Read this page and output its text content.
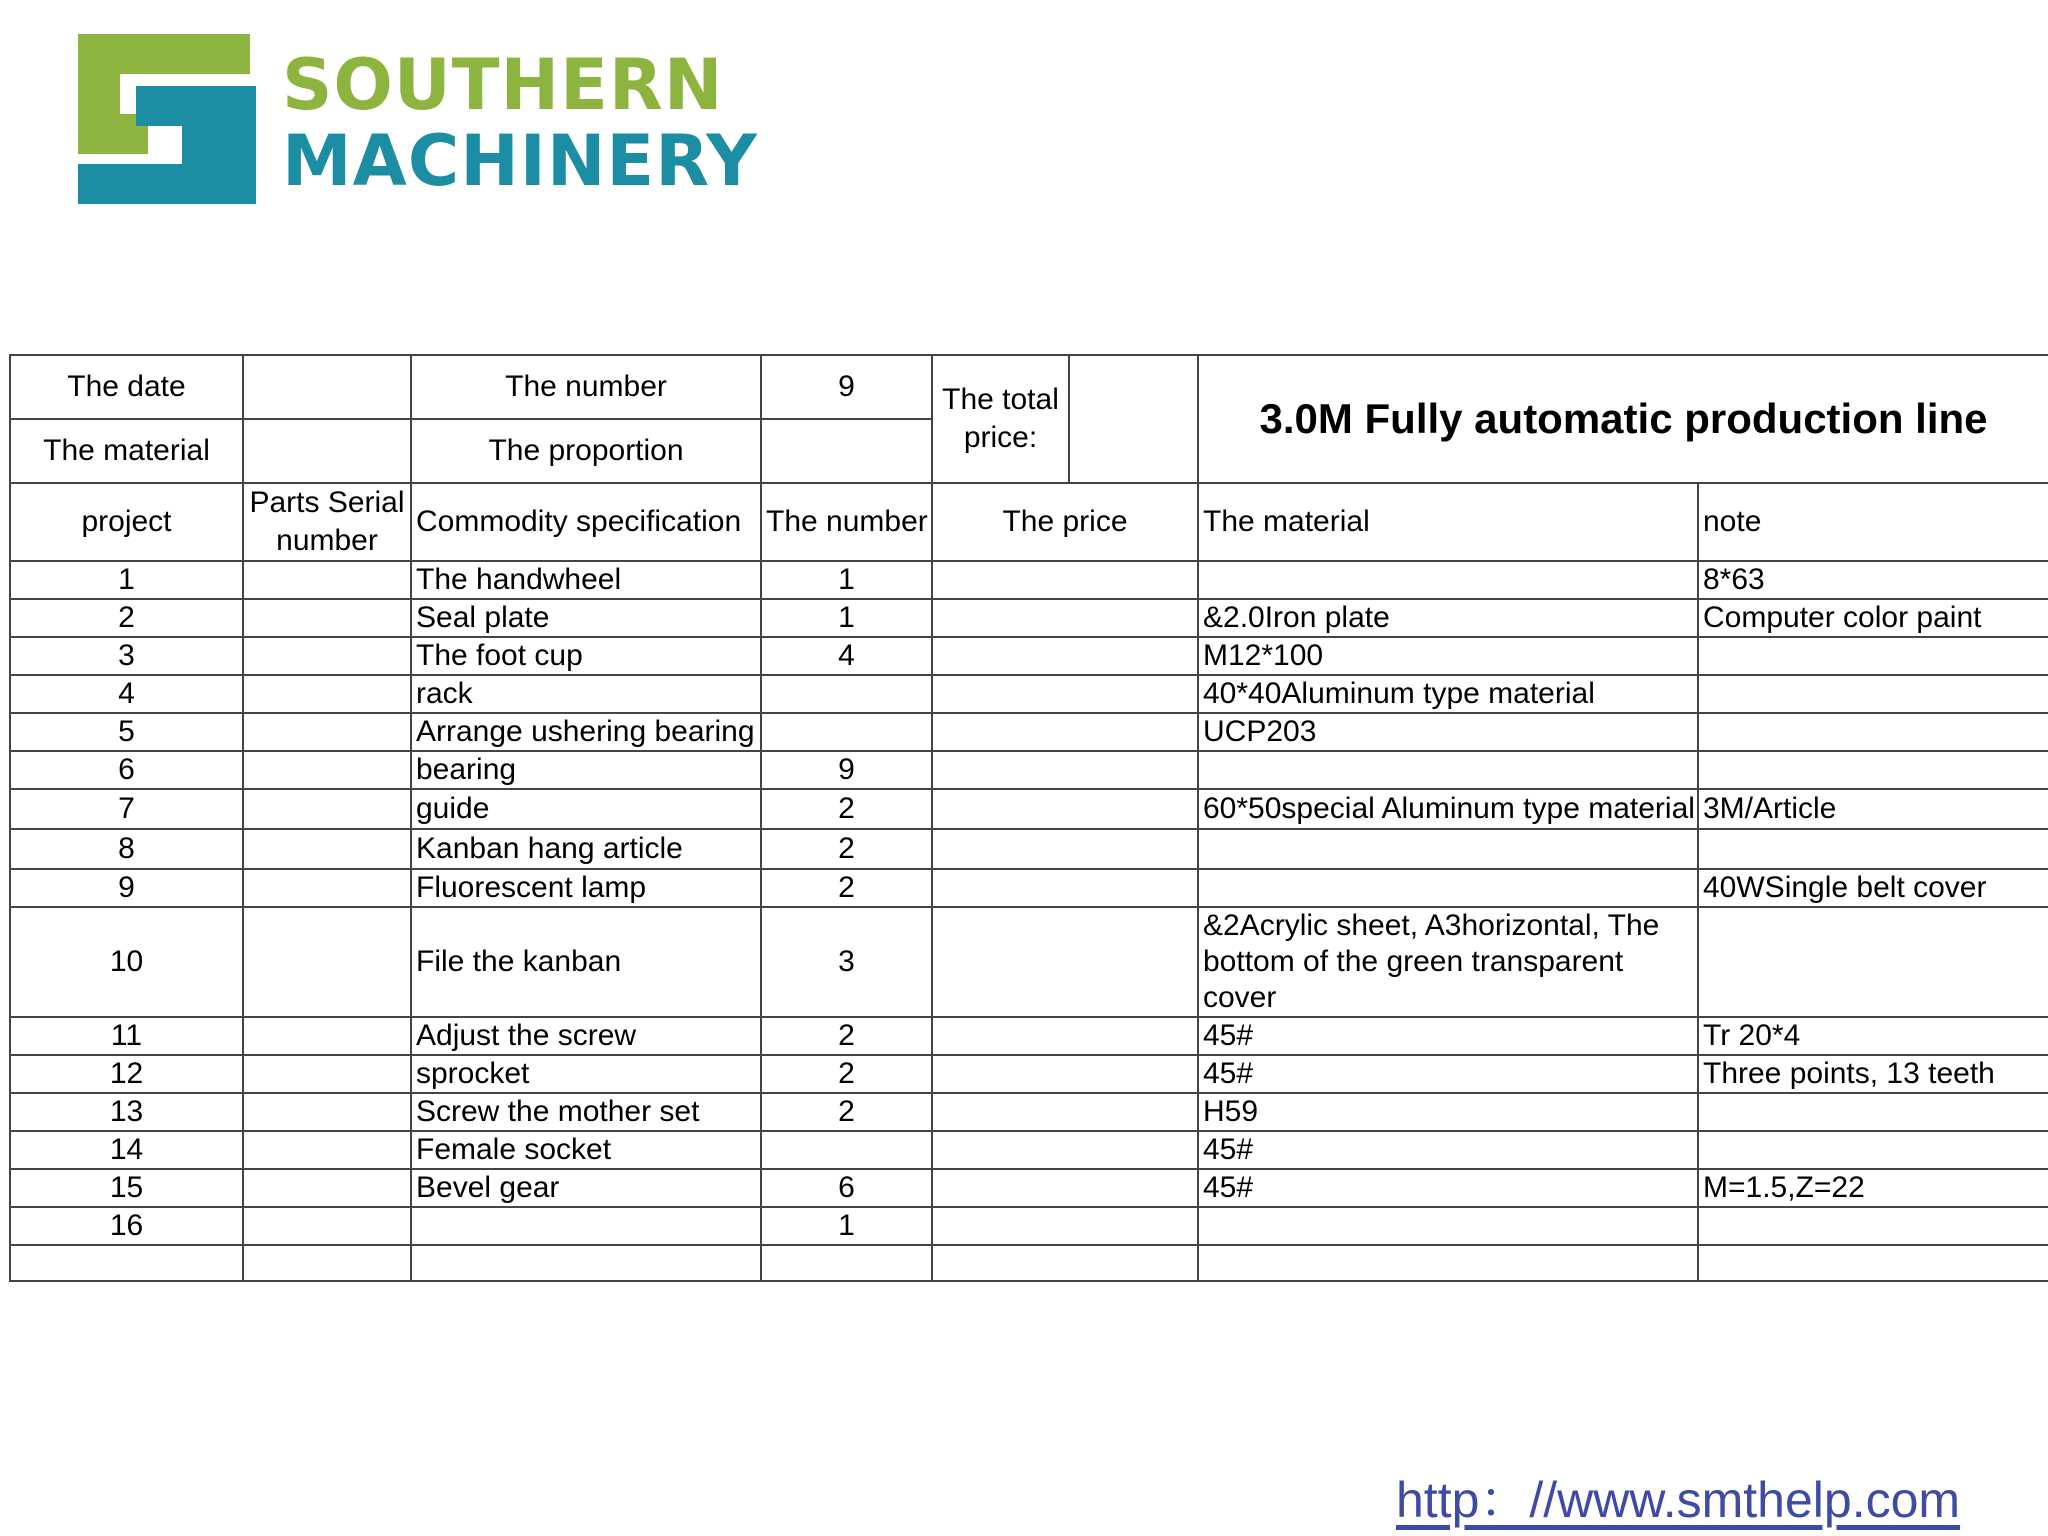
SOUTHERN
MACHINERY
The date		The number	9	The total price:		3.0M Fully automatic production line	
The material		The proportion					
project	Parts Serial number	Commodity specification	The number	The price		The material	note
1		The handwheel	1				8*63
2		Seal plate	1			&2.0Iron plate	Computer color paint
3		The foot cup	4			M12*100	
4		rack				40*40Aluminum type material	
5		Arrange ushering bearing				UCP203	
6		bearing	9				
7		guide	2			60*50special Aluminum type material	3M/Article
8		Kanban hang article	2				
9		Fluorescent lamp	2				40WSingle belt cover
10		File the kanban	3			&2Acrylic sheet, A3horizontal, The bottom of the green transparent cover	
11		Adjust the screw	2			45#	Tr 20*4
12		sprocket	2			45#	Three points, 13 teeth
13		Screw the mother set	2			H59	
14		Female socket				45#	
15		Bevel gear	6			45#	M=1.5,Z=22
16			1				

http：//www.smthelp.com
